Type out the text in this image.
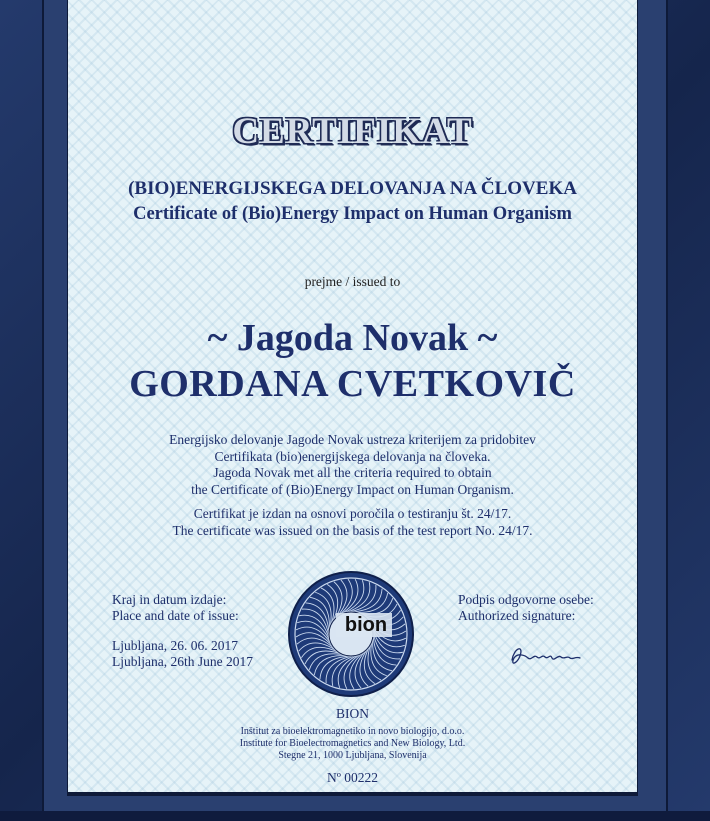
CERTIFIKAT
(BIO)ENERGIJSKEGA DELOVANJA NA ČLOVEKA
Certificate of (Bio)Energy Impact on Human Organism
prejme / issued to
~ Jagoda Novak ~
GORDANA CVETKOVIČ
Energijsko delovanje Jagode Novak ustreza kriterijem za pridobitev
Certifikata (bio)energijskega delovanja na človeka.
Jagoda Novak met all the criteria required to obtain
the Certificate of (Bio)Energy Impact on Human Organism.
Certifikat je izdan na osnovi poročila o testiranju št. 24/17.
The certificate was issued on the basis of the test report No. 24/17.
Kraj in datum izdaje:
Place and date of issue:
Ljubljana, 26. 06. 2017
Ljubljana, 26th June 2017
bion
Podpis odgovorne osebe:
Authorized signature:
BION
Inštitut za bioelektromagnetiko in novo biologijo, d.o.o.
Institute for Bioelectromagnetics and New Biology, Ltd.
Stegne 21, 1000 Ljubljana, Slovenija
Nº 00222
